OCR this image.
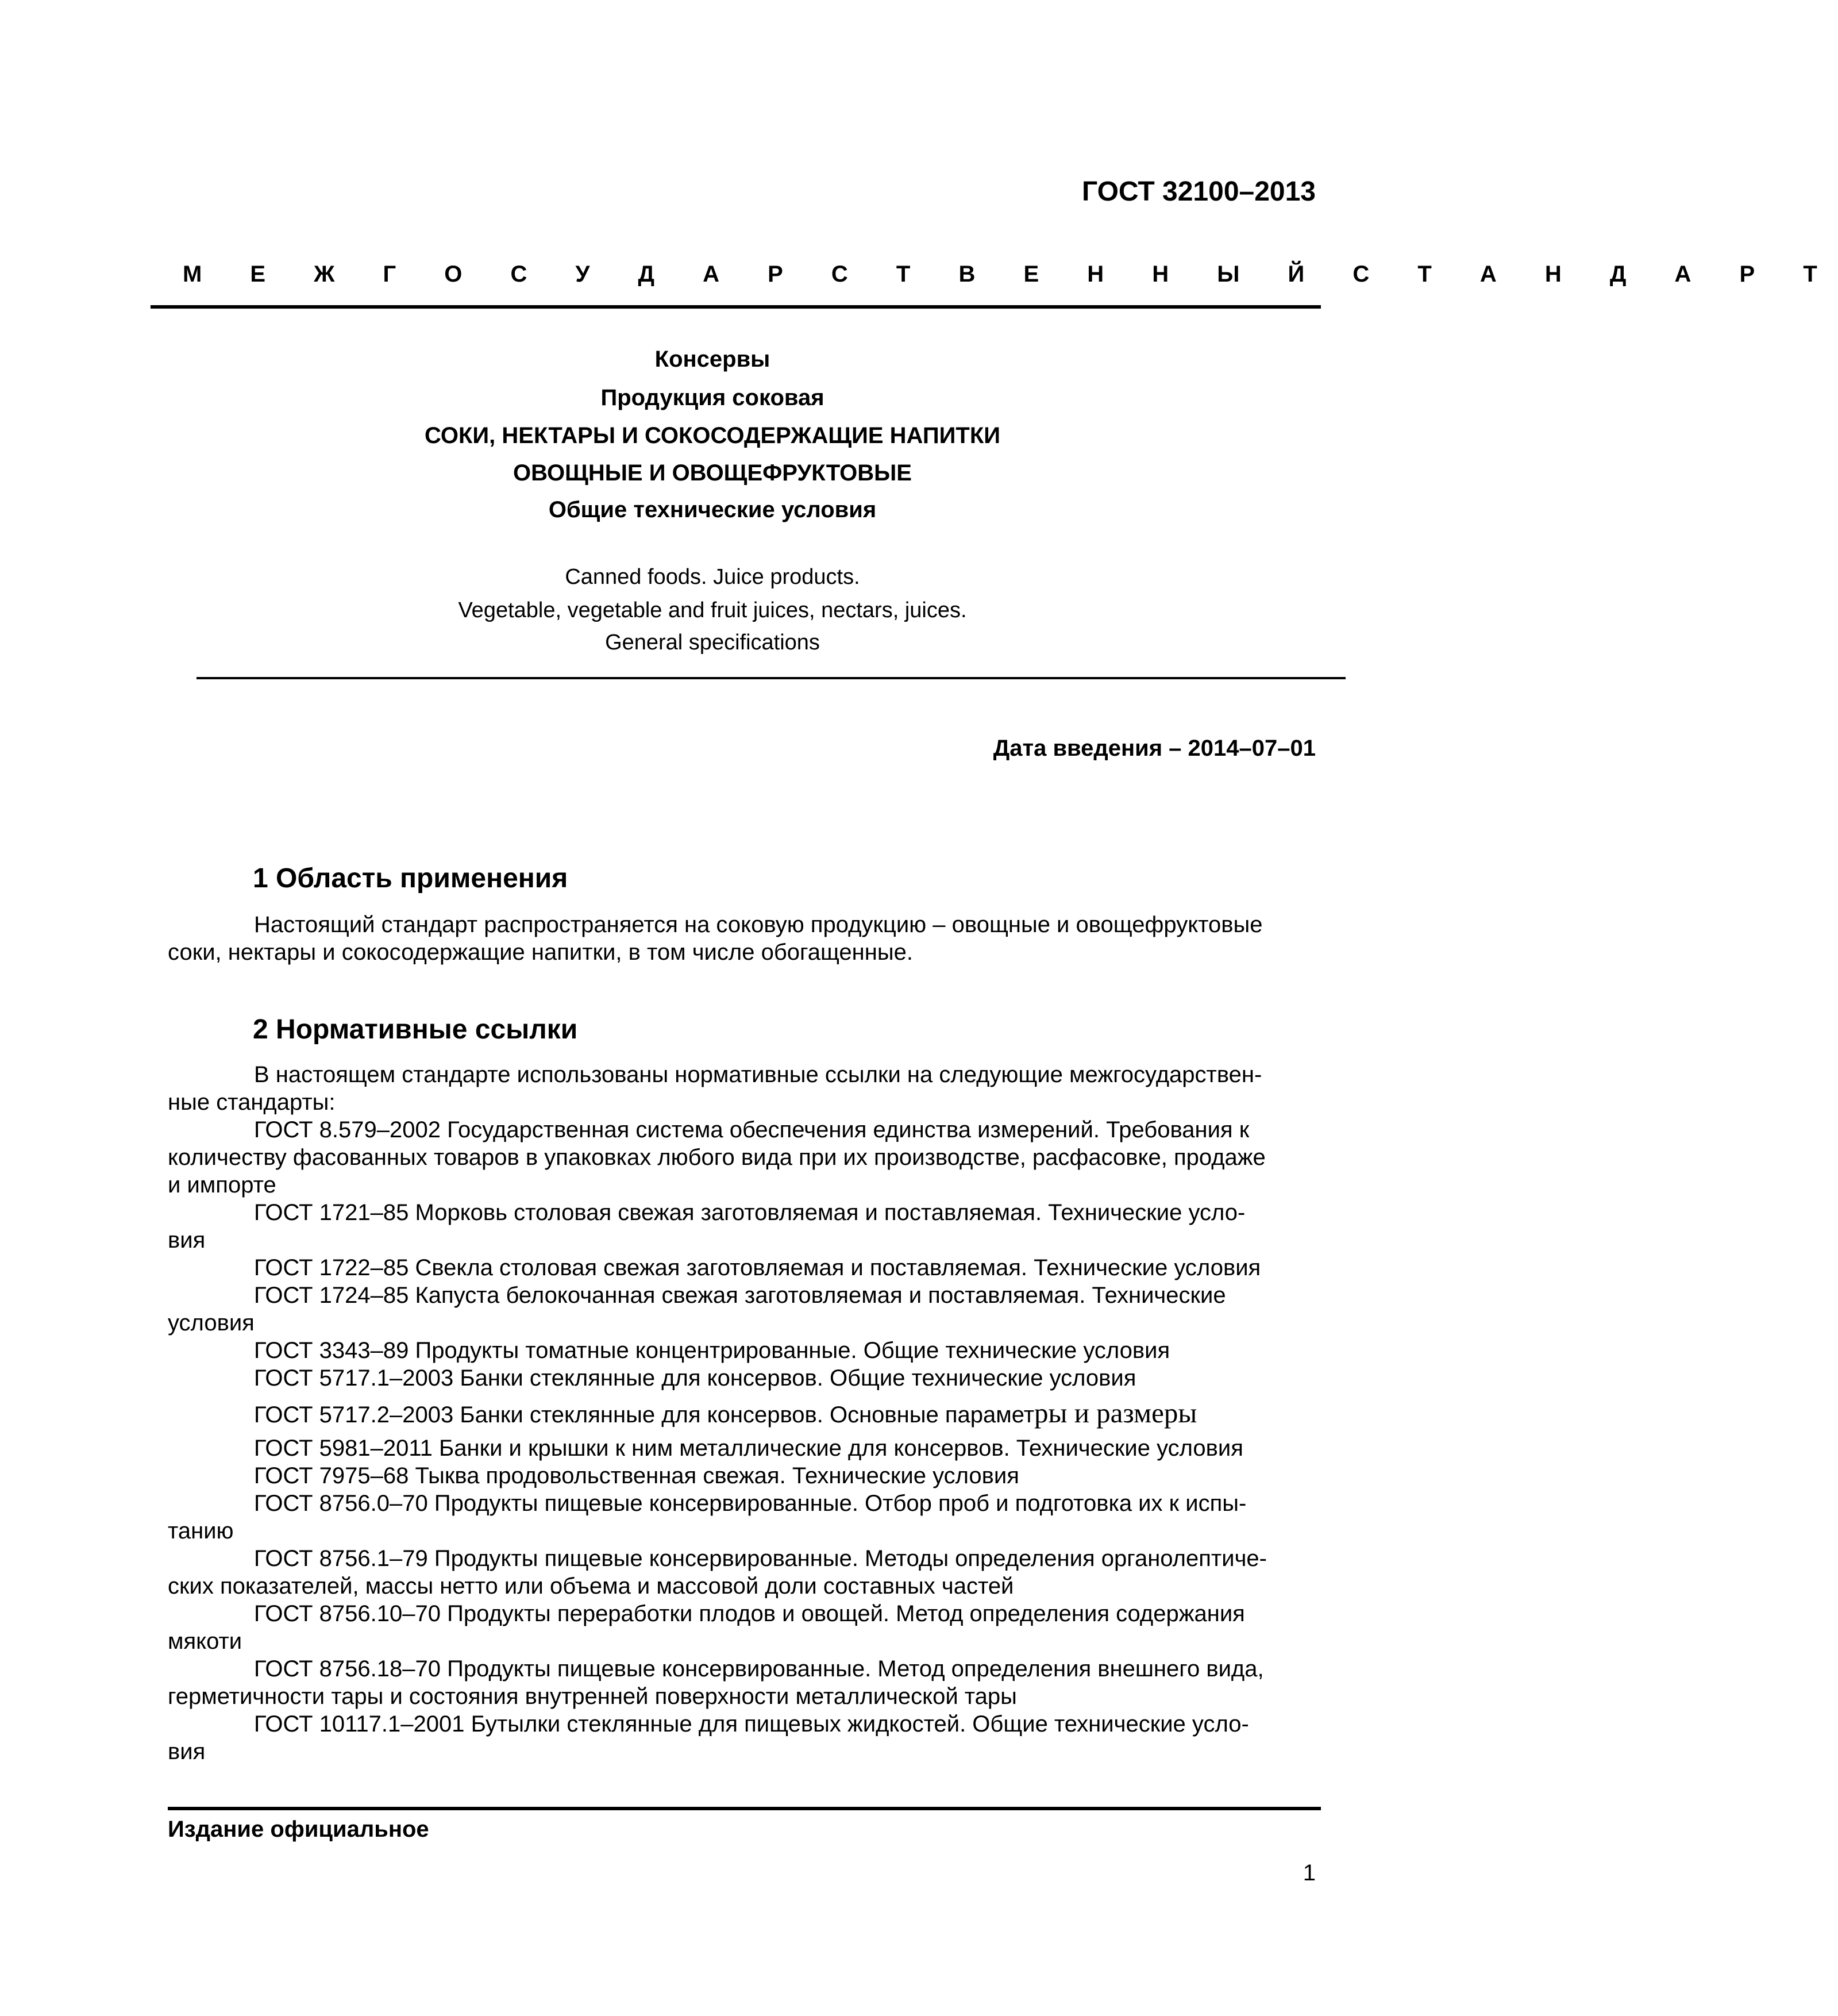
ГОСТ 32100–2013
М Е Ж Г О С У Д А Р С Т В Е Н Н Ы Й С Т А Н Д А Р Т
Консервы
Продукция соковая
СОКИ, НЕКТАРЫ И СОКОСОДЕРЖАЩИЕ НАПИТКИ
ОВОЩНЫЕ И ОВОЩЕФРУКТОВЫЕ
Общие технические условия
Canned foods. Juice products.
Vegetable, vegetable and fruit juices, nectars, juices.
General specifications
Дата введения – 2014–07–01
1 Область применения
Настоящий стандарт распространяется на соковую продукцию – овощные и овощефруктовые
соки, нектары и сокосодержащие напитки, в том числе обогащенные.
2 Нормативные ссылки
В настоящем стандарте использованы нормативные ссылки на следующие межгосударствен-
ные стандарты:
ГОСТ 8.579–2002 Государственная система обеспечения единства измерений. Требования к
количеству фасованных товаров в упаковках любого вида при их производстве, расфасовке, продаже
и импорте
ГОСТ 1721–85 Морковь столовая свежая заготовляемая и поставляемая. Технические усло-
вия
ГОСТ 1722–85 Свекла столовая свежая заготовляемая и поставляемая. Технические условия
ГОСТ 1724–85 Капуста белокочанная свежая заготовляемая и поставляемая. Технические
условия
ГОСТ 3343–89 Продукты томатные концентрированные. Общие технические условия
ГОСТ 5717.1–2003 Банки стеклянные для консервов. Общие технические условия
ГОСТ 5717.2–2003 Банки стеклянные для консервов. Основные параметры и размеры
ГОСТ 5981–2011 Банки и крышки к ним металлические для консервов. Технические условия
ГОСТ 7975–68 Тыква продовольственная свежая. Технические условия
ГОСТ 8756.0–70 Продукты пищевые консервированные. Отбор проб и подготовка их к испы-
танию
ГОСТ 8756.1–79 Продукты пищевые консервированные. Методы определения органолептиче-
ских показателей, массы нетто или объема и массовой доли составных частей
ГОСТ 8756.10–70 Продукты переработки плодов и овощей. Метод определения содержания
мякоти
ГОСТ 8756.18–70 Продукты пищевые консервированные. Метод определения внешнего вида,
герметичности тары и состояния внутренней поверхности металлической тары
ГОСТ 10117.1–2001 Бутылки стеклянные для пищевых жидкостей. Общие технические усло-
вия
Издание официальное
1
